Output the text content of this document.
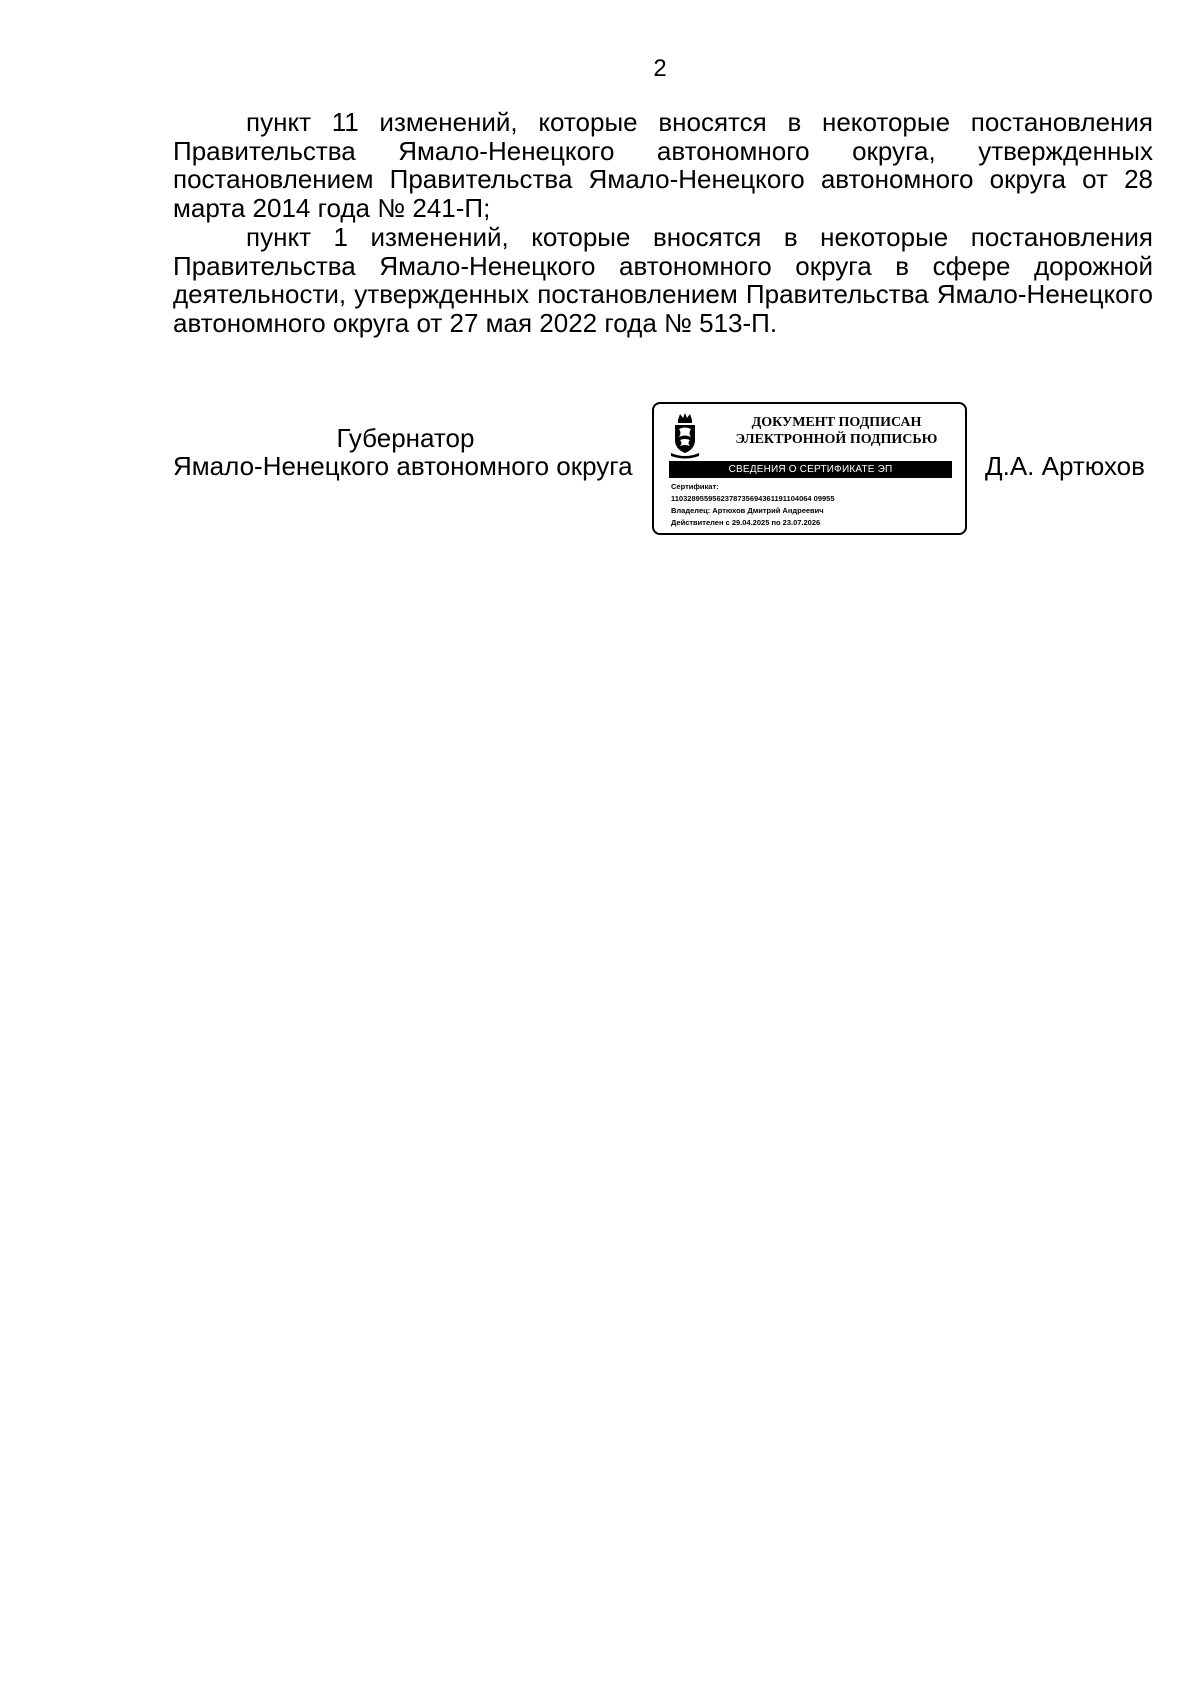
2

пункт 11 изменений, которые вносятся в некоторые постановления Правительства Ямало-Ненецкого автономного округа, утвержденных постановлением Правительства Ямало-Ненецкого автономного округа от 28 марта 2014 года № 241-П;

пункт 1 изменений, которые вносятся в некоторые постановления Правительства Ямало-Ненецкого автономного округа в сфере дорожной деятельности, утвержденных постановлением Правительства Ямало-Ненецкого автономного округа от 27 мая 2022 года № 513-П.

Губернатор
Ямало-Ненецкого автономного округа
ДОКУМЕНТ ПОДПИСАН
ЭЛЕКТРОННОЙ ПОДПИСЬЮ
СВЕДЕНИЯ О СЕРТИФИКАТЕ ЭП
Сертификат:
1103289559562378735694361191104064 09955
Владелец: Артюхов Дмитрий Андреевич
Действителен с 29.04.2025 по 23.07.2026
Д.А. Артюхов
